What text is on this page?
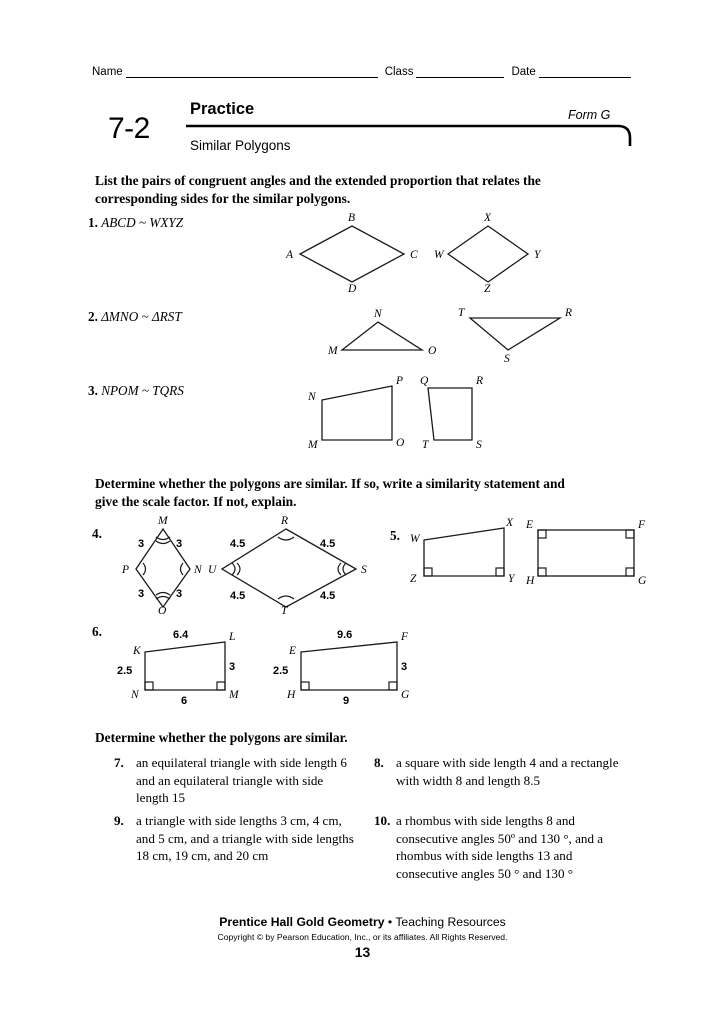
Name	Class	Date
7-2
Practice
Similar Polygons
Form G
List the pairs of congruent angles and the extended proportion that relates the corresponding sides for the similar polygons.
1. ABCD ~ WXYZ
A
B
C
D
W
X
Y
Z
2. ΔMNO ~ ΔRST
M
N
O
T	R
S
3. NPOM ~ TQRS	N
P
O
M
Q	R
S
T
Determine whether the polygons are similar. If so, write a similarity statement and give the scale factor. If not, explain.
4.
M
N
O
P
3	3
3	3
R
S
T
U
4.5	4.5
4.5	4.5
5. W
X
Y
Z
E	F
G
H
6.
K
L
M
N
6.4
3
6
2.5
E
F
G
H
9.6
3
9
2.5
Determine whether the polygons are similar.
7. an equilateral triangle with side length 6 and an equilateral triangle with side length 15
8. a square with side length 4 and a rectangle with width 8 and length 8.5
9. a triangle with side lengths 3 cm, 4 cm, and 5 cm, and a triangle with side lengths 18 cm, 19 cm, and 20 cm
10. a rhombus with side lengths 8 and consecutive angles 50º and 130 °, and a rhombus with side lengths 13 and consecutive angles 50 ° and 130 °
Prentice Hall Gold Geometry • Teaching Resources
Copyright © by Pearson Education, Inc., or its affiliates. All Rights Reserved.
13
